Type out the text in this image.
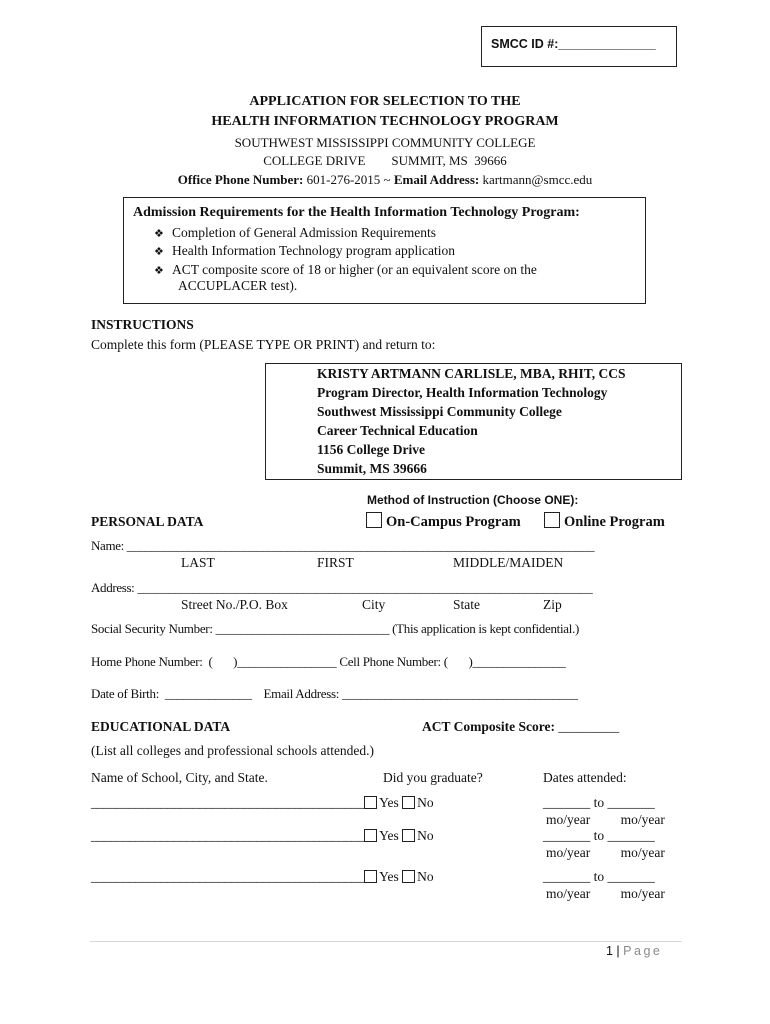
SMCC ID #:______________
APPLICATION FOR SELECTION TO THE
HEALTH INFORMATION TECHNOLOGY PROGRAM
SOUTHWEST MISSISSIPPI COMMUNITY COLLEGE
COLLEGE DRIVE        SUMMIT, MS  39666
Office Phone Number: 601-276-2015 ~ Email Address: kartmann@smcc.edu
Admission Requirements for the Health Information Technology Program:
❖ Completion of General Admission Requirements
❖ Health Information Technology program application
❖ ACT composite score of 18 or higher (or an equivalent score on the
ACCUPLACER test).
INSTRUCTIONS
Complete this form (PLEASE TYPE OR PRINT) and return to:
KRISTY ARTMANN CARLISLE, MBA, RHIT, CCS
Program Director, Health Information Technology
Southwest Mississippi Community College
Career Technical Education
1156 College Drive
Summit, MS 39666
Method of Instruction (Choose ONE):
PERSONAL DATA	On-Campus Program	Online Program
Name: ____________________________________________________________________________
LAST	FIRST	MIDDLE/MAIDEN
Address: __________________________________________________________________________
Street No./P.O. Box	City	State	Zip
Social Security Number: ____________________________ (This application is kept confidential.)
Home Phone Number:  (       )________________ Cell Phone Number: (       )_______________
Date of Birth:  ______________    Email Address: ______________________________________
EDUCATIONAL DATA	ACT Composite Score: _________
(List all colleges and professional schools attended.)
Name of School, City, and State.	Did you graduate?	Dates attended:
___________________________________________ Yes No	_______ to _______
mo/year         mo/year
___________________________________________ Yes No	_______ to _______
mo/year         mo/year
___________________________________________ Yes No	_______ to _______
mo/year         mo/year
1 | Page
